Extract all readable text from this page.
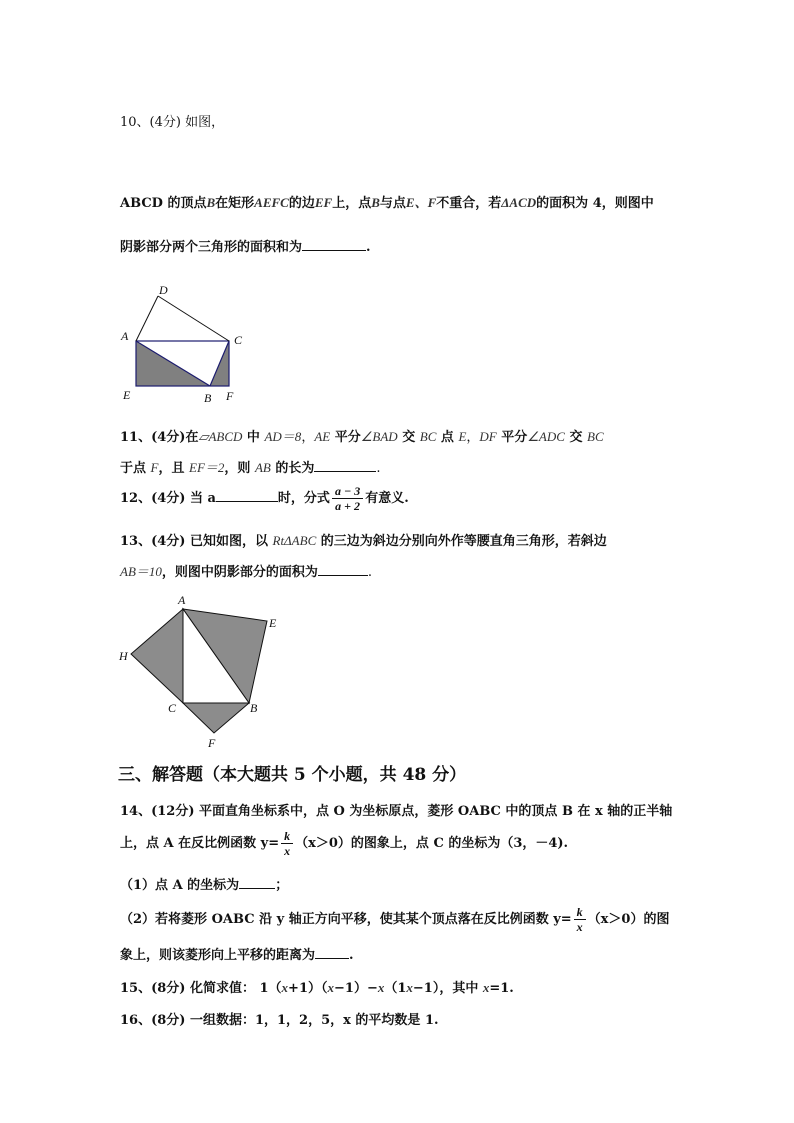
10、(4分) 如图，
ABCD 的顶点B在矩形AEFC的边EF上，点B与点E、F不重合，若ΔACD的面积为 4，则图中
阴影部分两个三角形的面积和为	.
D
A	C
E	B F
11、(4分)在▱ABCD 中 AD＝8，AE 平分∠BAD 交 BC 点 E，DF 平分∠ADC 交 BC
于点 F，且 EF＝2，则 AB 的长为	.
12、(4分) 当 a	时，分式 $\frac{a - 3}{a + 2}$ 有意义.
13、(4分) 已知如图，以 RtΔABC 的三边为斜边分别向外作等腰直角三角形，若斜边
AB＝10，则图中阴影部分的面积为	.
A
E
H
C	B
F
三、解答题（本大题共 5 个小题，共 48 分）
14、(12分) 平面直角坐标系中，点 O 为坐标原点，菱形 OABC 中的顶点 B 在 x 轴的正半轴
上，点 A 在反比例函数 $y= \frac{k}{x} (x>0)$的图象上，点 C 的坐标为（3，－4).
（1）点 A 的坐标为	；
（2）若将菱形 OABC 沿 y 轴正方向平移，使其某个顶点落在反比例函数 $y= \frac{k}{x} (x>0)$的图
象上，则该菱形向上平移的距离为	.
15、(8分) 化简求值： 1（x+1）（x−1）−x（1x−1），其中 x=1.
16、(8分) 一组数据：1，1，2，5，x 的平均数是 1.
